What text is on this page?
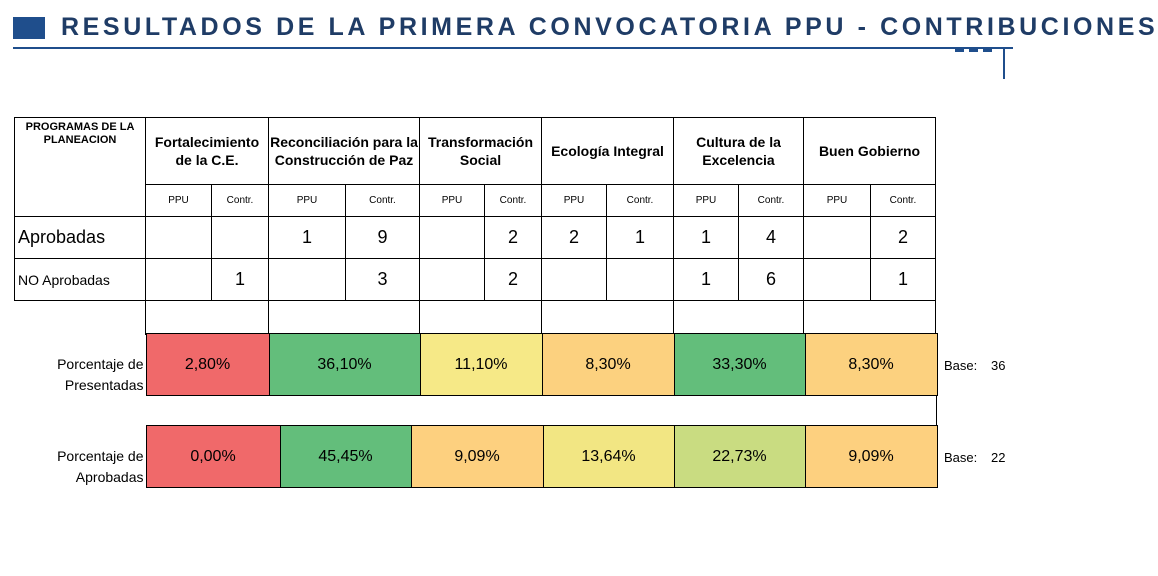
RESULTADOS DE LA PRIMERA CONVOCATORIA PPU - CONTRIBUCIONES
PROGRAMAS DE LA PLANEACION	Fortalecimiento de la C.E.		Reconciliación para la Construcción de Paz		Transformación Social		Ecología Integral		Cultura de la Excelencia		Buen Gobierno	
	PPU	Contr.	PPU	Contr.	PPU	Contr.	PPU	Contr.	PPU	Contr.	PPU	Contr.
Aprobadas			1	9		2	2	1	1	4		2
NO Aprobadas		1		3		2			1	6		1

Porcentaje de Presentadas	2,80%	36,10%	11,10%	8,30%	33,30%	8,30%	Base: 36
Porcentaje de Aprobadas	0,00%	45,45%	9,09%	13,64%	22,73%	9,09%	Base: 22
